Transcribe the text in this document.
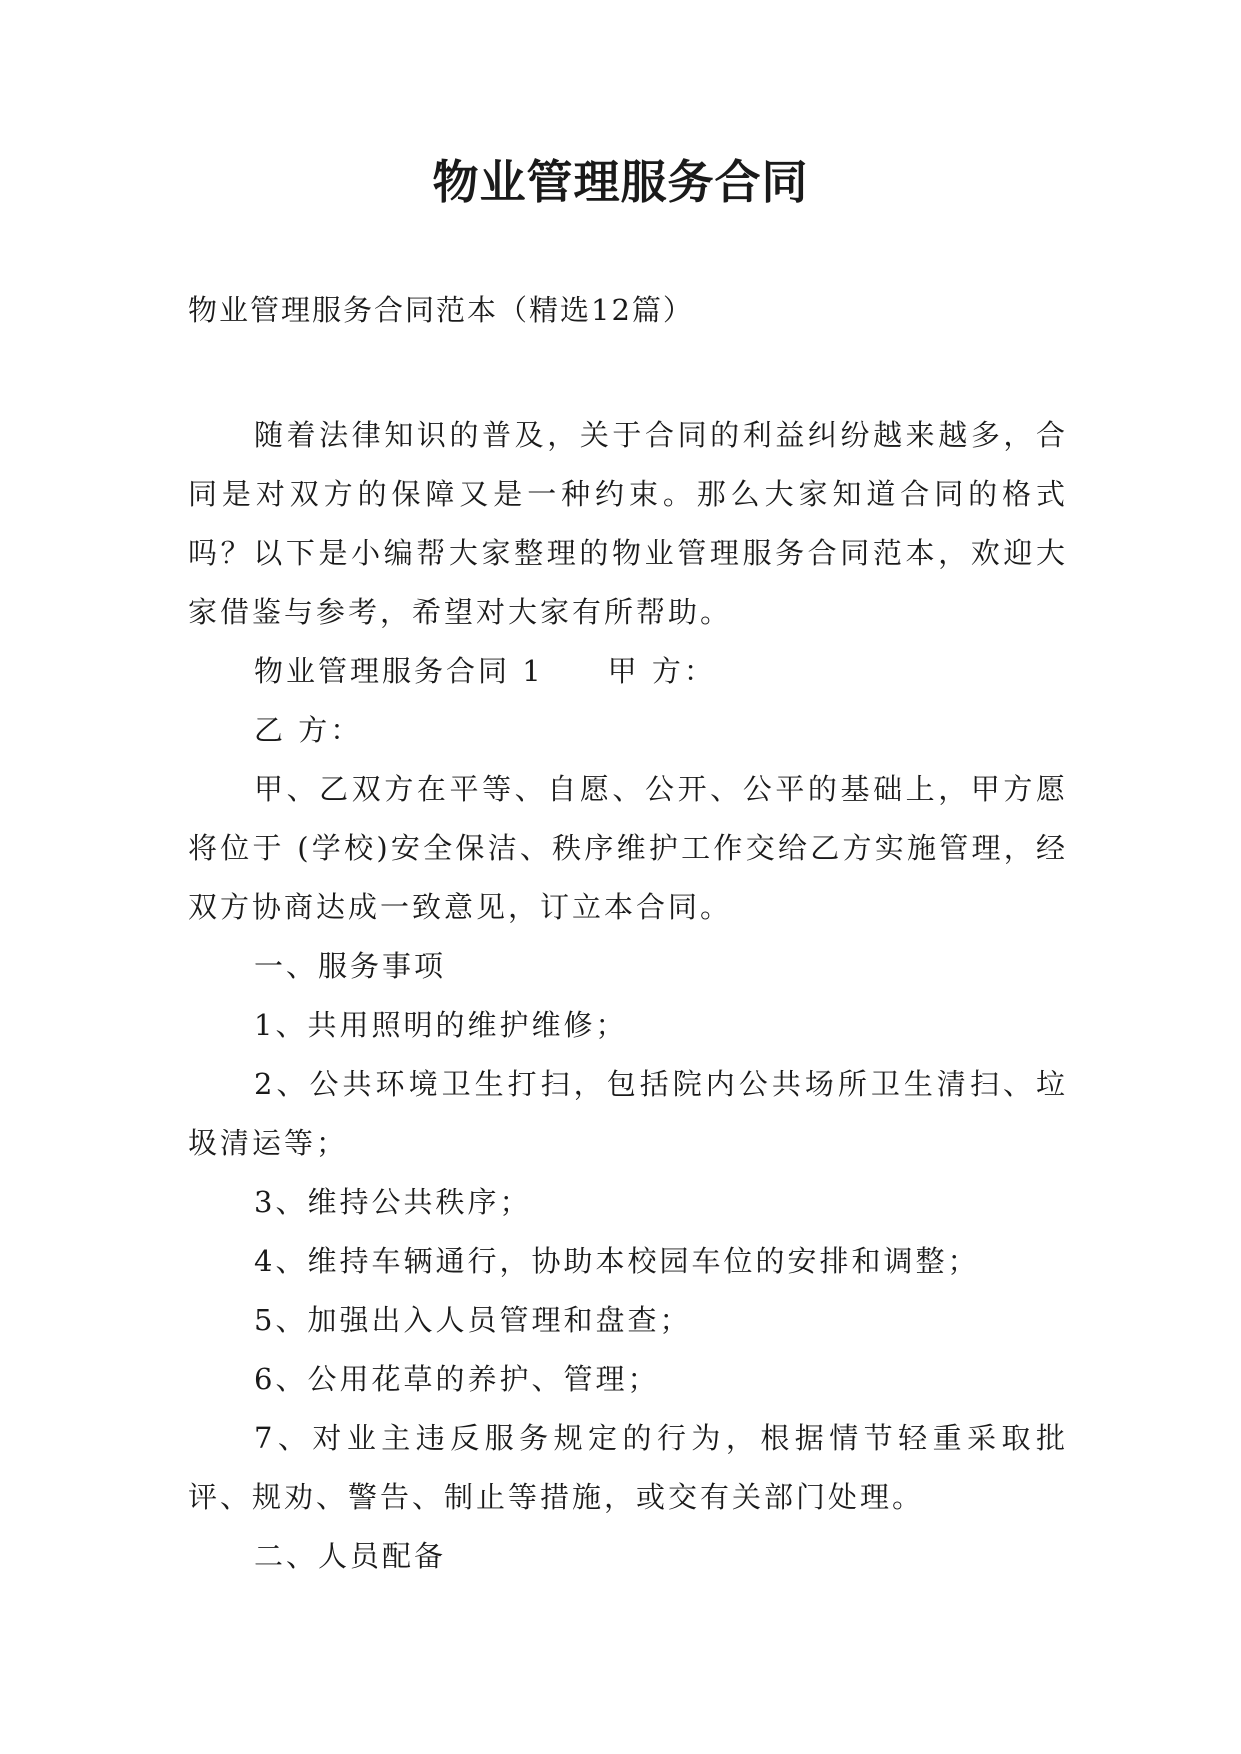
物业管理服务合同

物业管理服务合同范本（精选12篇）

随着法律知识的普及，关于合同的利益纠纷越来越多，合同是对双方的保障又是一种约束。那么大家知道合同的格式吗？以下是小编帮大家整理的物业管理服务合同范本，欢迎大家借鉴与参考，希望对大家有所帮助。

物业管理服务合同 1　　甲 方：

乙 方：

甲、乙双方在平等、自愿、公开、公平的基础上，甲方愿将位于 (学校)安全保洁、秩序维护工作交给乙方实施管理，经双方协商达成一致意见，订立本合同。

一、服务事项

1、共用照明的维护维修；

2、公共环境卫生打扫，包括院内公共场所卫生清扫、垃圾清运等；

3、维持公共秩序；

4、维持车辆通行，协助本校园车位的安排和调整；

5、加强出入人员管理和盘查；

6、公用花草的养护、管理；

7、对业主违反服务规定的行为，根据情节轻重采取批评、规劝、警告、制止等措施，或交有关部门处理。

二、人员配备
